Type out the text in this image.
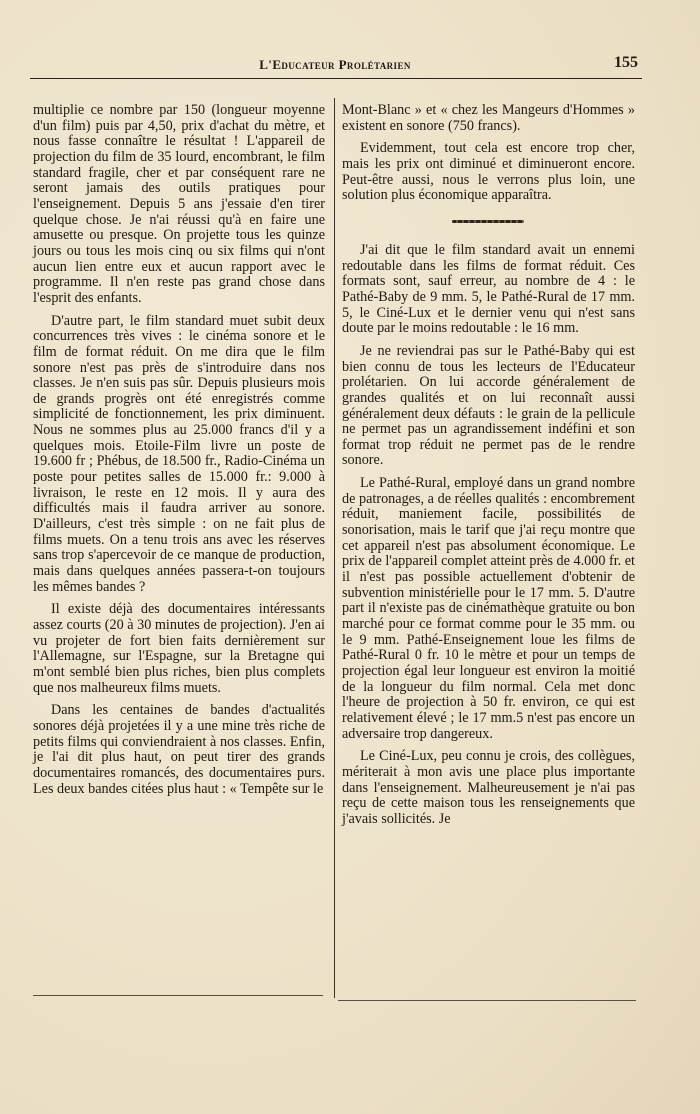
L'Educateur Prolétarien	155

multiplie ce nombre par 150 (longueur moyenne d'un film) puis par 4,50, prix d'achat du mètre, et nous fasse connaître le résultat ! L'appareil de projection du film de 35 lourd, encombrant, le film standard fragile, cher et par conséquent rare ne seront jamais des outils pratiques pour l'enseignement. Depuis 5 ans j'essaie d'en tirer quelque chose. Je n'ai réussi qu'à en faire une amusette ou presque. On projette tous les quinze jours ou tous les mois cinq ou six films qui n'ont aucun lien entre eux et aucun rapport avec le programme. Il n'en reste pas grand chose dans l'esprit des enfants.

D'autre part, le film standard muet subit deux concurrences très vives : le cinéma sonore et le film de format réduit. On me dira que le film sonore n'est pas près de s'introduire dans nos classes. Je n'en suis pas sûr. Depuis plusieurs mois de grands progrès ont été enregistrés comme simplicité de fonctionnement, les prix diminuent. Nous ne sommes plus au 25.000 francs d'il y a quelques mois. Etoile-Film livre un poste de 19.600 fr ; Phébus, de 18.500 fr., Radio-Cinéma un poste pour petites salles de 15.000 fr.: 9.000 à livraison, le reste en 12 mois. Il y aura des difficultés mais il faudra arriver au sonore. D'ailleurs, c'est très simple : on ne fait plus de films muets. On a tenu trois ans avec les réserves sans trop s'apercevoir de ce manque de production, mais dans quelques années passera-t-on toujours les mêmes bandes ?

Il existe déjà des documentaires intéressants assez courts (20 à 30 minutes de projection). J'en ai vu projeter de fort bien faits dernièrement sur l'Allemagne, sur l'Espagne, sur la Bretagne qui m'ont semblé bien plus riches, bien plus complets que nos malheureux films muets.

Dans les centaines de bandes d'actualités sonores déjà projetées il y a une mine très riche de petits films qui conviendraient à nos classes. Enfin, je l'ai dit plus haut, on peut tirer des grands documentaires romancés, des documentaires purs. Les deux bandes citées plus haut : « Tempête sur le

Mont-Blanc » et « chez les Mangeurs d'Hommes » existent en sonore (750 francs).

Evidemment, tout cela est encore trop cher, mais les prix ont diminué et diminueront encore. Peut-être aussi, nous le verrons plus loin, une solution plus économique apparaîtra.

J'ai dit que le film standard avait un ennemi redoutable dans les films de format réduit. Ces formats sont, sauf erreur, au nombre de 4 : le Pathé-Baby de 9 mm. 5, le Pathé-Rural de 17 mm. 5, le Ciné-Lux et le dernier venu qui n'est sans doute par le moins redoutable : le 16 mm.

Je ne reviendrai pas sur le Pathé-Baby qui est bien connu de tous les lecteurs de l'Educateur prolétarien. On lui accorde généralement de grandes qualités et on lui reconnaît aussi généralement deux défauts : le grain de la pellicule ne permet pas un agrandissement indéfini et son format trop réduit ne permet pas de le rendre sonore.

Le Pathé-Rural, employé dans un grand nombre de patronages, a de réelles qualités : encombrement réduit, maniement facile, possibilités de sonorisation, mais le tarif que j'ai reçu montre que cet appareil n'est pas absolument économique. Le prix de l'appareil complet atteint près de 4.000 fr. et il n'est pas possible actuellement d'obtenir de subvention ministérielle pour le 17 mm. 5. D'autre part il n'existe pas de cinémathèque gratuite ou bon marché pour ce format comme pour le 35 mm. ou le 9 mm. Pathé-Enseignement loue les films de Pathé-Rural 0 fr. 10 le mètre et pour un temps de projection égal leur longueur est environ la moitié de la longueur du film normal. Cela met donc l'heure de projection à 50 fr. environ, ce qui est relativement élevé ; le 17 mm.5 n'est pas encore un adversaire trop dangereux.

Le Ciné-Lux, peu connu je crois, des collègues, mériterait à mon avis une place plus importante dans l'enseignement. Malheureusement je n'ai pas reçu de cette maison tous les renseignements que j'avais sollicités. Je
